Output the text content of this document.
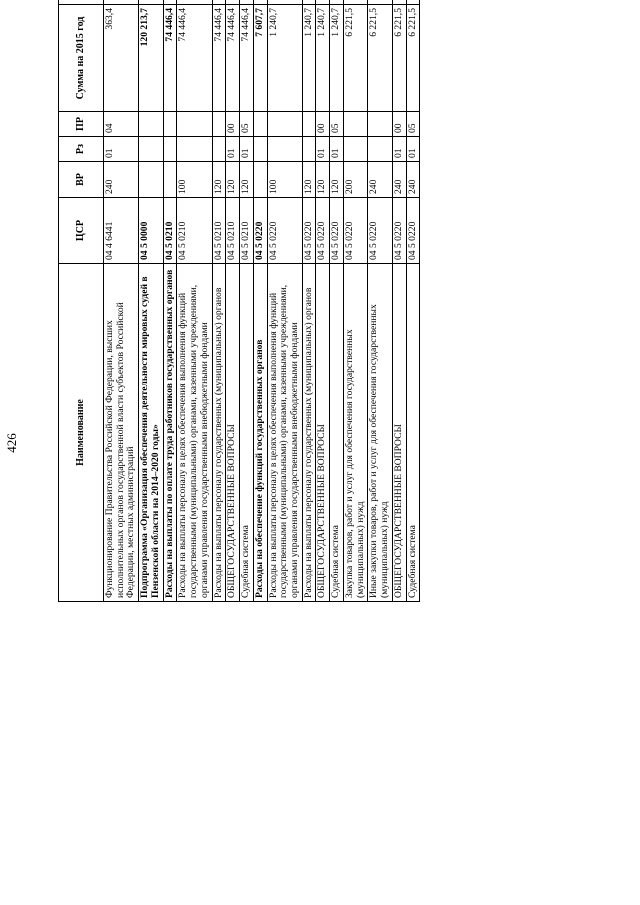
426	Наименование	ЦСР	ВР	Рз	ПР	Сумма на 2015 год		
Функционирование Правительства Российской Федерации, высших исполнительных органов государственной власти субъектов Российской Федерации, местных администраций	04 4 6441	240	01	04	363,4		
Подпрограмма «Организация обеспечения деятельности мировых судей в Пензенской области на 2014–2020 годы»	04 5 0000				120 213,7		
Расходы на выплаты по оплате труда работников государственных органов	04 5 0210				74 446,4		
Расходы на выплаты персоналу в целях обеспечения выполнения функций государственными (муниципальными) органами, казенными учреждениями, органами управления государственными внебюджетными фондами	04 5 0210	100			74 446,4		
Расходы на выплаты персоналу государственных (муниципальных) органов	04 5 0210	120			74 446,4		
ОБЩЕГОСУДАРСТВЕННЫЕ ВОПРОСЫ	04 5 0210	120	01	00	74 446,4		
Судебная система	04 5 0210	120	01	05	74 446,4		
Расходы на обеспечение функций государственных органов	04 5 0220				7 607,7		
Расходы на выплаты персоналу в целях обеспечения выполнения функций государственными (муниципальными) органами, казенными учреждениями, органами управления государственными внебюджетными фондами	04 5 0220	100			1 240,7		
Расходы на выплаты персоналу государственных (муниципальных) органов	04 5 0220	120			1 240,7		
ОБЩЕГОСУДАРСТВЕННЫЕ ВОПРОСЫ	04 5 0220	120	01	00	1 240,7		
Судебная система	04 5 0220	120	01	05	1 240,7		
Закупка товаров, работ и услуг для обеспечения государственных (муниципальных) нужд	04 5 0220	200			6 221,5		
Иные закупки товаров, работ и услуг для обеспечения государственных (муниципальных) нужд	04 5 0220	240			6 221,5		
ОБЩЕГОСУДАРСТВЕННЫЕ ВОПРОСЫ	04 5 0220	240	01	00	6 221,5		
Судебная система	04 5 0220	240	01	05	6 221,5		
